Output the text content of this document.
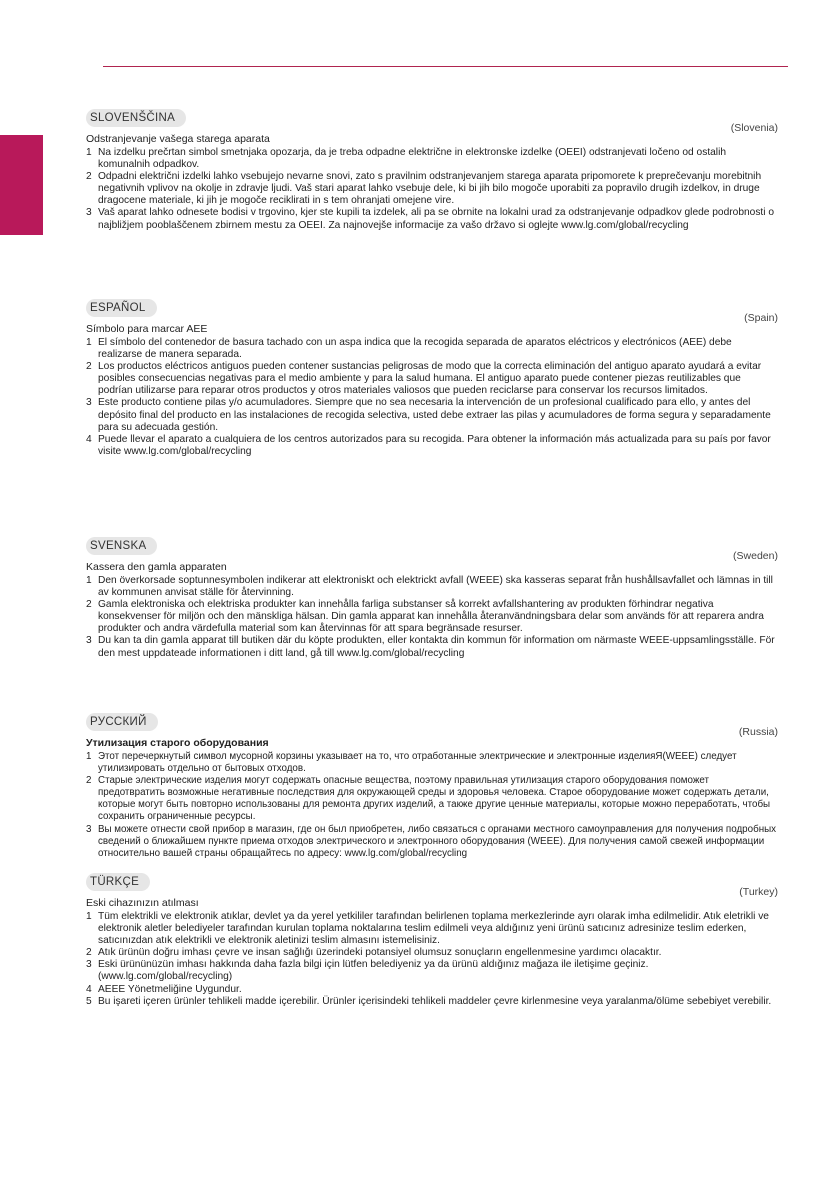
SLOVENŠČINA
(Slovenia)
Odstranjevanje vašega starega aparata
1 Na izdelku prečrtan simbol smetnjaka opozarja, da je treba odpadne električne in elektronske izdelke (OEEI) odstranjevati ločeno od ostalih komunalnih odpadkov.
2 Odpadni električni izdelki lahko vsebujejo nevarne snovi, zato s pravilnim odstranjevanjem starega aparata pripomorete k preprečevanju morebitnih negativnih vplivov na okolje in zdravje ljudi. Vaš stari aparat lahko vsebuje dele, ki bi jih bilo mogoče uporabiti za popravilo drugih izdelkov, in druge dragocene materiale, ki jih je mogoče reciklirati in s tem ohranjati omejene vire.
3 Vaš aparat lahko odnesete bodisi v trgovino, kjer ste kupili ta izdelek, ali pa se obrnite na lokalni urad za odstranjevanje odpadkov glede podrobnosti o najbližjem pooblaščenem zbirnem mestu za OEEI. Za najnovejše informacije za vašo državo si oglejte www.lg.com/global/recycling
ESPAÑOL
(Spain)
Símbolo para marcar AEE
1 El símbolo del contenedor de basura tachado con un aspa indica que la recogida separada de aparatos eléctricos y electrónicos (AEE) debe realizarse de manera separada.
2 Los productos eléctricos antiguos pueden contener sustancias peligrosas de modo que la correcta eliminación del antiguo aparato ayudará a evitar posibles consecuencias negativas para el medio ambiente y para la salud humana. El antiguo aparato puede contener piezas reutilizables que podrían utilizarse para reparar otros productos y otros materiales valiosos que pueden reciclarse para conservar los recursos limitados.
3 Este producto contiene pilas y/o acumuladores. Siempre que no sea necesaria la intervención de un profesional cualificado para ello, y antes del depósito final del producto en las instalaciones de recogida selectiva, usted debe extraer las pilas y acumuladores de forma segura y separadamente para su adecuada gestión.
4 Puede llevar el aparato a cualquiera de los centros autorizados para su recogida. Para obtener la información más actualizada para su país por favor visite www.lg.com/global/recycling
SVENSKA
(Sweden)
Kassera den gamla apparaten
1 Den överkorsade soptunnesymbolen indikerar att elektroniskt och elektrickt avfall (WEEE) ska kasseras separat från hushållsavfallet och lämnas in till av kommunen anvisat ställe för återvinning.
2 Gamla elektroniska och elektriska produkter kan innehålla farliga substanser så korrekt avfallshantering av produkten förhindrar negativa konsekvenser för miljön och den mänskliga hälsan. Din gamla apparat kan innehålla återanvändningsbara delar som används för att reparera andra produkter och andra värdefulla material som kan återvinnas för att spara begränsade resurser.
3 Du kan ta din gamla apparat till butiken där du köpte produkten, eller kontakta din kommun för information om närmaste WEEE-uppsamlingsställe. För den mest uppdateade informationen i ditt land, gå till www.lg.com/global/recycling
РУССКИЙ
(Russia)
Утилизация старого оборудования
1 Этот перечеркнутый символ мусорной корзины указывает на то, что отработанные электрические и электронные изделияЯ(WEEE) следует утилизировать отдельно от бытовых отходов.
2 Старые электрические изделия могут содержать опасные вещества, поэтому правильная утилизация старого оборудования поможет предотвратить возможные негативные последствия для окружающей среды и здоровья человека. Старое оборудование может содержать детали, которые могут быть повторно использованы для ремонта других изделий, а также другие ценные материалы, которые можно переработать, чтобы сохранить ограниченные ресурсы.
3 Вы можете отнести свой прибор в магазин, где он был приобретен, либо связаться с органами местного самоуправления для получения подробных сведений о ближайшем пункте приема отходов электрического и электронного оборудования (WEEE). Для получения самой свежей информации относительно вашей страны обращайтесь по адресу: www.lg.com/global/recycling
TÜRKÇE
(Turkey)
Eski cihazınızın atılması
1 Tüm elektrikli ve elektronik atıklar, devlet ya da yerel yetkililer tarafından belirlenen toplama merkezlerinde ayrı olarak imha edilmelidir. Atık eletrikli ve elektronik aletler belediyeler tarafından kurulan toplama noktalarına teslim edilmeli veya aldığınız yeni ürünü satıcınız adresinize teslim ederken, satıcınızdan atık elektrikli ve elektronik aletinizi teslim almasını istemelisiniz.
2 Atık ürünün doğru imhası çevre ve insan sağlığı üzerindeki potansiyel olumsuz sonuçların engellenmesine yardımcı olacaktır.
3 Eski ürününüzün imhası hakkında daha fazla bilgi için lütfen belediyeniz ya da ürünü aldığınız mağaza ile iletişime geçiniz. (www.lg.com/global/recycling)
4 AEEE Yönetmeliğine Uygundur.
5 Bu işareti içeren ürünler tehlikeli madde içerebilir. Ürünler içerisindeki tehlikeli maddeler çevre kirlenmesine veya yaralanma/ölüme sebebiyet verebilir.
